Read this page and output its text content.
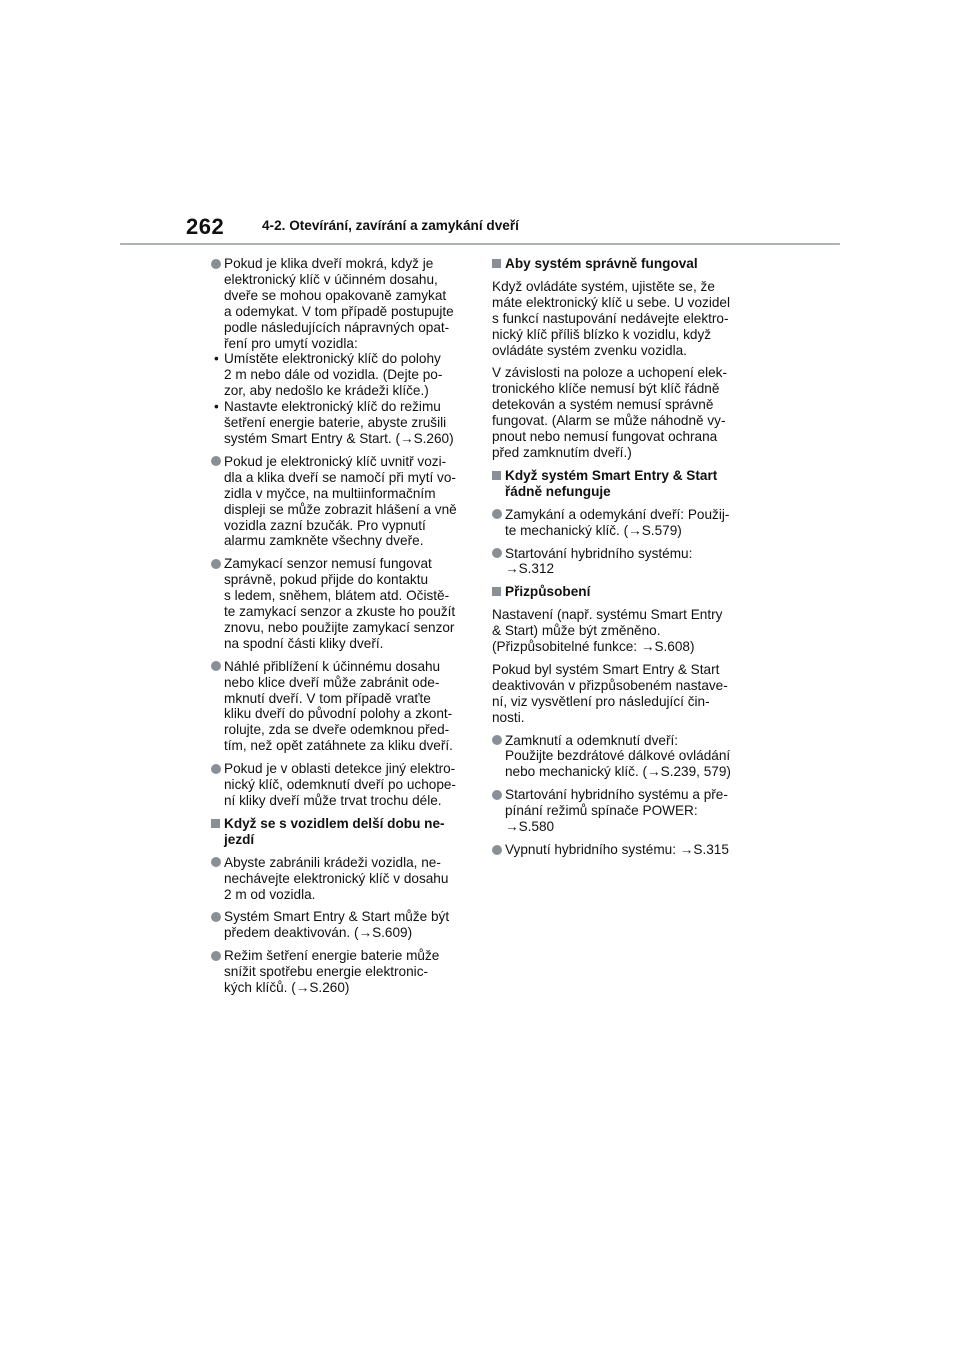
262	4-2. Otevírání, zavírání a zamykání dveří
Pokud je klika dveří mokrá, když je
elektronický klíč v účinném dosahu,
dveře se mohou opakovaně zamykat
a odemykat. V tom případě postupujte
podle následujících nápravných opat-
ření pro umytí vozidla:
• Umístěte elektronický klíč do polohy
2 m nebo dále od vozidla. (Dejte po-
zor, aby nedošlo ke krádeži klíče.)
• Nastavte elektronický klíč do režimu
šetření energie baterie, abyste zrušili
systém Smart Entry & Start. (→S.260)
Pokud je elektronický klíč uvnitř vozi-
dla a klika dveří se namočí při mytí vo-
zidla v myčce, na multiinformačním
displeji se může zobrazit hlášení a vně
vozidla zazní bzučák. Pro vypnutí
alarmu zamkněte všechny dveře.
Zamykací senzor nemusí fungovat
správně, pokud přijde do kontaktu
s ledem, sněhem, blátem atd. Očistě-
te zamykací senzor a zkuste ho použít
znovu, nebo použijte zamykací senzor
na spodní části kliky dveří.
Náhlé přiblížení k účinnému dosahu
nebo klice dveří může zabránit ode-
mknutí dveří. V tom případě vraťte
kliku dveří do původní polohy a zkont-
rolujte, zda se dveře odemknou před-
tím, než opět zatáhnete za kliku dveří.
Pokud je v oblasti detekce jiný elektro-
nický klíč, odemknutí dveří po uchope-
ní kliky dveří může trvat trochu déle.
Když se s vozidlem delší dobu ne-
jezdí
Abyste zabránili krádeži vozidla, ne-
nechávejte elektronický klíč v dosahu
2 m od vozidla.
Systém Smart Entry & Start může být
předem deaktivován. (→S.609)
Režim šetření energie baterie může
snížit spotřebu energie elektronic-
kých klíčů. (→S.260)
Aby systém správně fungoval
Když ovládáte systém, ujistěte se, že
máte elektronický klíč u sebe. U vozidel
s funkcí nastupování nedávejte elektro-
nický klíč příliš blízko k vozidlu, když
ovládáte systém zvenku vozidla.
V závislosti na poloze a uchopení elek-
tronického klíče nemusí být klíč řádně
detekován a systém nemusí správně
fungovat. (Alarm se může náhodně vy-
pnout nebo nemusí fungovat ochrana
před zamknutím dveří.)
Když systém Smart Entry & Start
řádně nefunguje
Zamykání a odemykání dveří: Použij-
te mechanický klíč. (→S.579)
Startování hybridního systému:
→S.312
Přizpůsobení
Nastavení (např. systému Smart Entry
& Start) může být změněno.
(Přizpůsobitelné funkce: →S.608)
Pokud byl systém Smart Entry & Start
deaktivován v přizpůsobeném nastave-
ní, viz vysvětlení pro následující čin-
nosti.
Zamknutí a odemknutí dveří:
Použijte bezdrátové dálkové ovládání
nebo mechanický klíč. (→S.239, 579)
Startování hybridního systému a pře-
pínání režimů spínače POWER:
→S.580
Vypnutí hybridního systému: →S.315
